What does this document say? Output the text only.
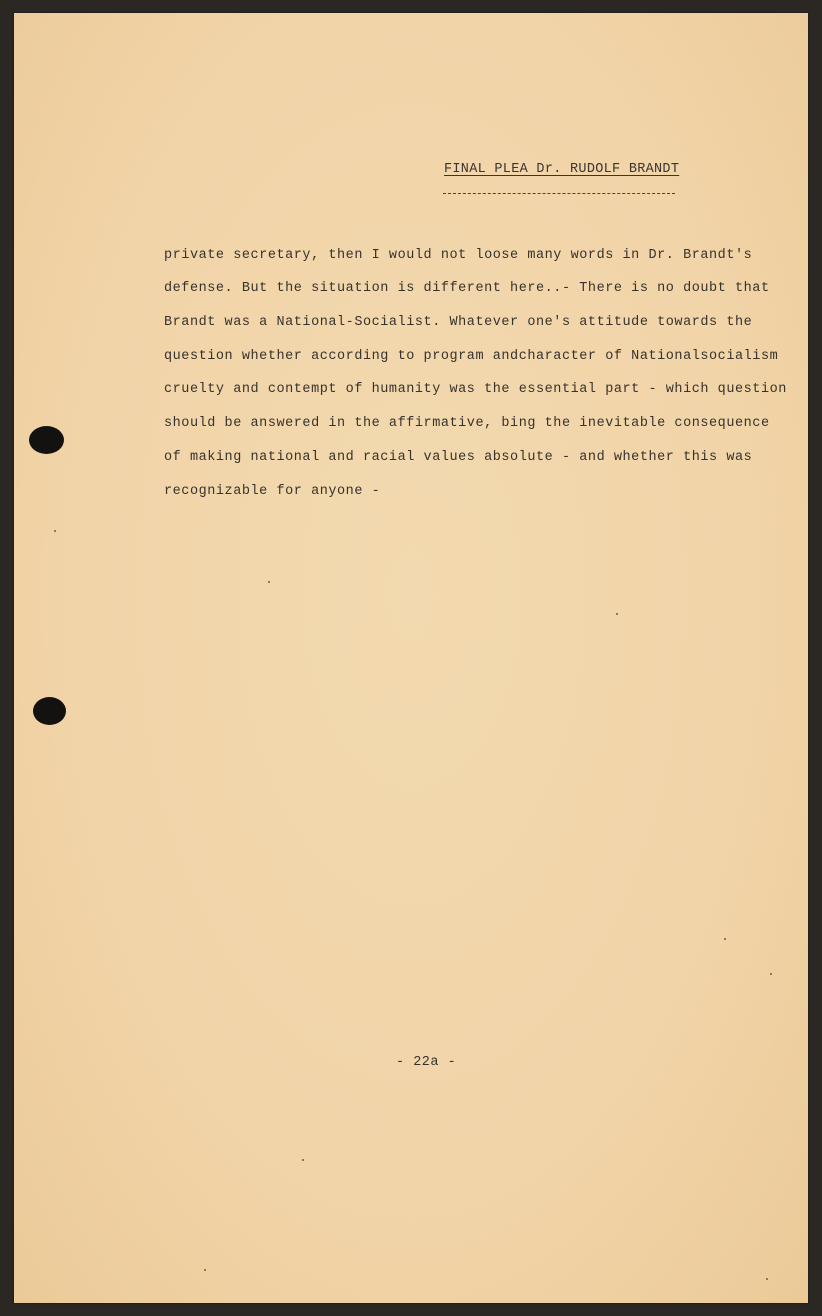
FINAL PLEA Dr. RUDOLF BRANDT
private secretary, then I would not loose many words in Dr. Brandt's
defense. But the situation is different here..- There is no doubt that
Brandt was a National-Socialist. Whatever one's attitude towards the
question whether according to program andcharacter of Nationalsocialism
cruelty and contempt of humanity was the essential part - which question
should be answered in the affirmative, bing the inevitable consequence
of making national and racial values absolute - and whether this was
recognizable for anyone -
- 22a -
